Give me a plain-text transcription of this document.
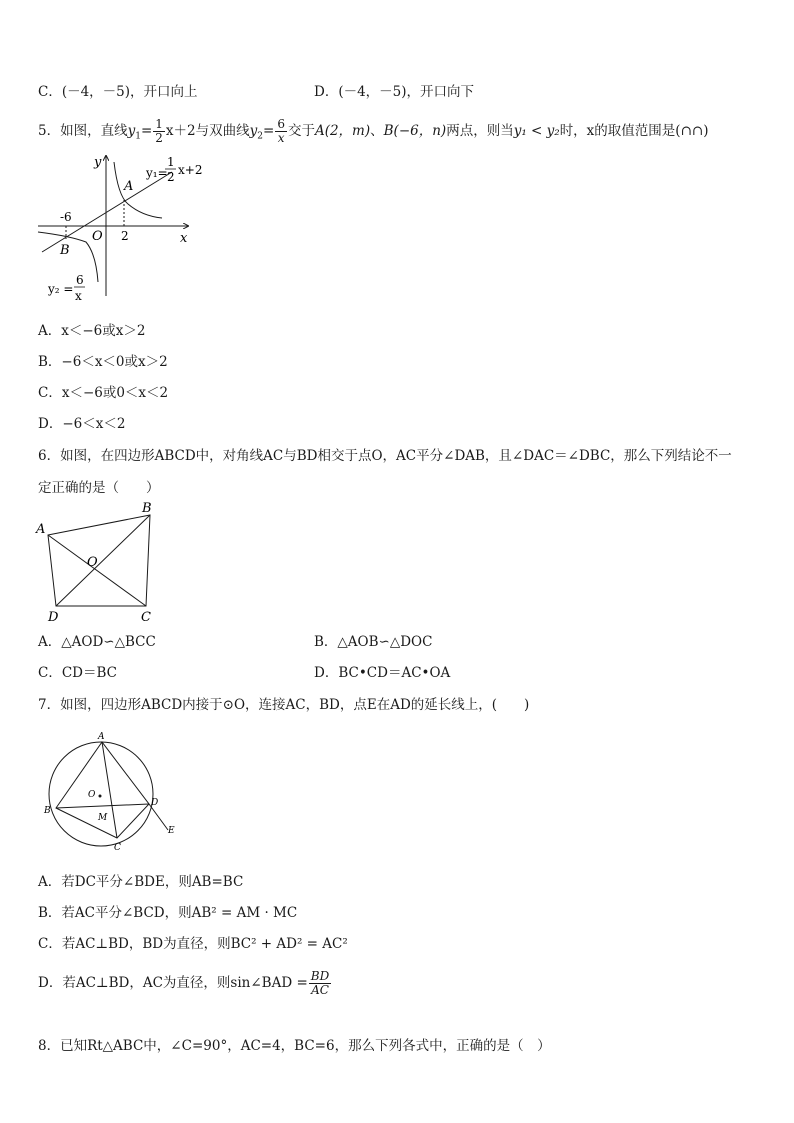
C．(－4，－5)，开口向上	D．(－4，－5)，开口向下
5．如图，直线$y_1= \frac{1}{2} x+2$与双曲线$y_2= \frac{6}{x}$ 交于A(2，m)、B(−6，n)两点，则当y₁ < y₂时，x的取值范围是(∩∩)
y
x
O
-6
2
A
B
y₁=
1
2 x+2
y₂ =
6
x
A．x＜−6或x＞2
B．−6＜x＜0或x＞2
C．x＜−6或0＜x＜2
D．−6＜x＜2
6．如图，在四边形ABCD中，对角线AC与BD相交于点O，AC平分∠DAB，且∠DAC＝∠DBC，那么下列结论不一
定正确的是（　　）
A
B
C
D
O
A．△AOD∽△BCC	B．△AOB∽△DOC
C．CD＝BC	D．BC•CD＝AC•OA
7．如图，四边形ABCD内接于⊙O，连接AC，BD，点E在AD的延长线上，(　　)
A
B
C
D
E
O
M
A．若DC平分∠BDE，则AB=BC
B．若AC平分∠BCD，则AB² = AM · MC
C．若AC⊥BD，BD为直径，则BC² + AD² = AC²
D．若AC⊥BD，AC为直径，则sin∠BAD = $\frac{BD}{AC}$
8．已知Rt△ABC中，∠C=90°，AC=4，BC=6，那么下列各式中，正确的是（　）
